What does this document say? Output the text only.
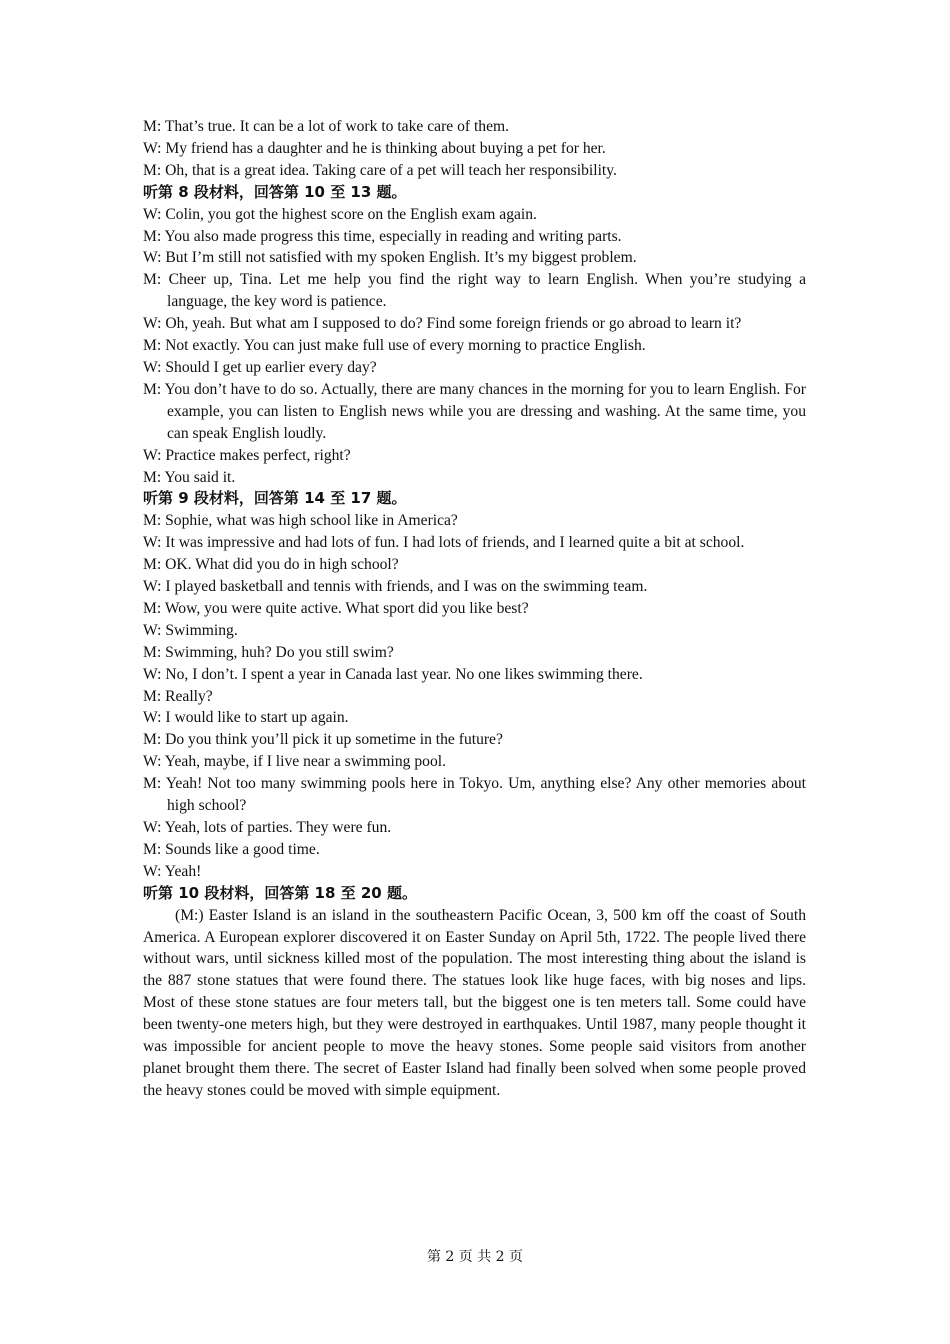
M: That’s true. It can be a lot of work to take care of them.
W: My friend has a daughter and he is thinking about buying a pet for her.
M: Oh, that is a great idea. Taking care of a pet will teach her responsibility.
听第 8 段材料，回答第 10 至 13 题。
W: Colin, you got the highest score on the English exam again.
M: You also made progress this time, especially in reading and writing parts.
W: But I’m still not satisfied with my spoken English. It’s my biggest problem.
M: Cheer up, Tina. Let me help you find the right way to learn English. When you’re studying a language, the key word is patience.
W: Oh, yeah. But what am I supposed to do? Find some foreign friends or go abroad to learn it?
M: Not exactly. You can just make full use of every morning to practice English.
W: Should I get up earlier every day?
M: You don’t have to do so. Actually, there are many chances in the morning for you to learn English. For example, you can listen to English news while you are dressing and washing. At the same time, you can speak English loudly.
W: Practice makes perfect, right?
M: You said it.
听第 9 段材料，回答第 14 至 17 题。
M: Sophie, what was high school like in America?
W: It was impressive and had lots of fun. I had lots of friends, and I learned quite a bit at school.
M: OK. What did you do in high school?
W: I played basketball and tennis with friends, and I was on the swimming team.
M: Wow, you were quite active. What sport did you like best?
W: Swimming.
M: Swimming, huh? Do you still swim?
W: No, I don’t. I spent a year in Canada last year. No one likes swimming there.
M: Really?
W: I would like to start up again.
M: Do you think you’ll pick it up sometime in the future?
W: Yeah, maybe, if I live near a swimming pool.
M: Yeah! Not too many swimming pools here in Tokyo. Um, anything else? Any other memories about high school?
W: Yeah, lots of parties. They were fun.
M: Sounds like a good time.
W: Yeah!
听第 10 段材料，回答第 18 至 20 题。
(M:) Easter Island is an island in the southeastern Pacific Ocean, 3, 500 km off the coast of South America. A European explorer discovered it on Easter Sunday on April 5th, 1722. The people lived there without wars, until sickness killed most of the population. The most interesting thing about the island is the 887 stone statues that were found there. The statues look like huge faces, with big noses and lips. Most of these stone statues are four meters tall, but the biggest one is ten meters tall. Some could have been twenty-one meters high, but they were destroyed in earthquakes. Until 1987, many people thought it was impossible for ancient people to move the heavy stones. Some people said visitors from another planet brought them there. The secret of Easter Island had finally been solved when some people proved the heavy stones could be moved with simple equipment.
第 2 页 共 2 页
